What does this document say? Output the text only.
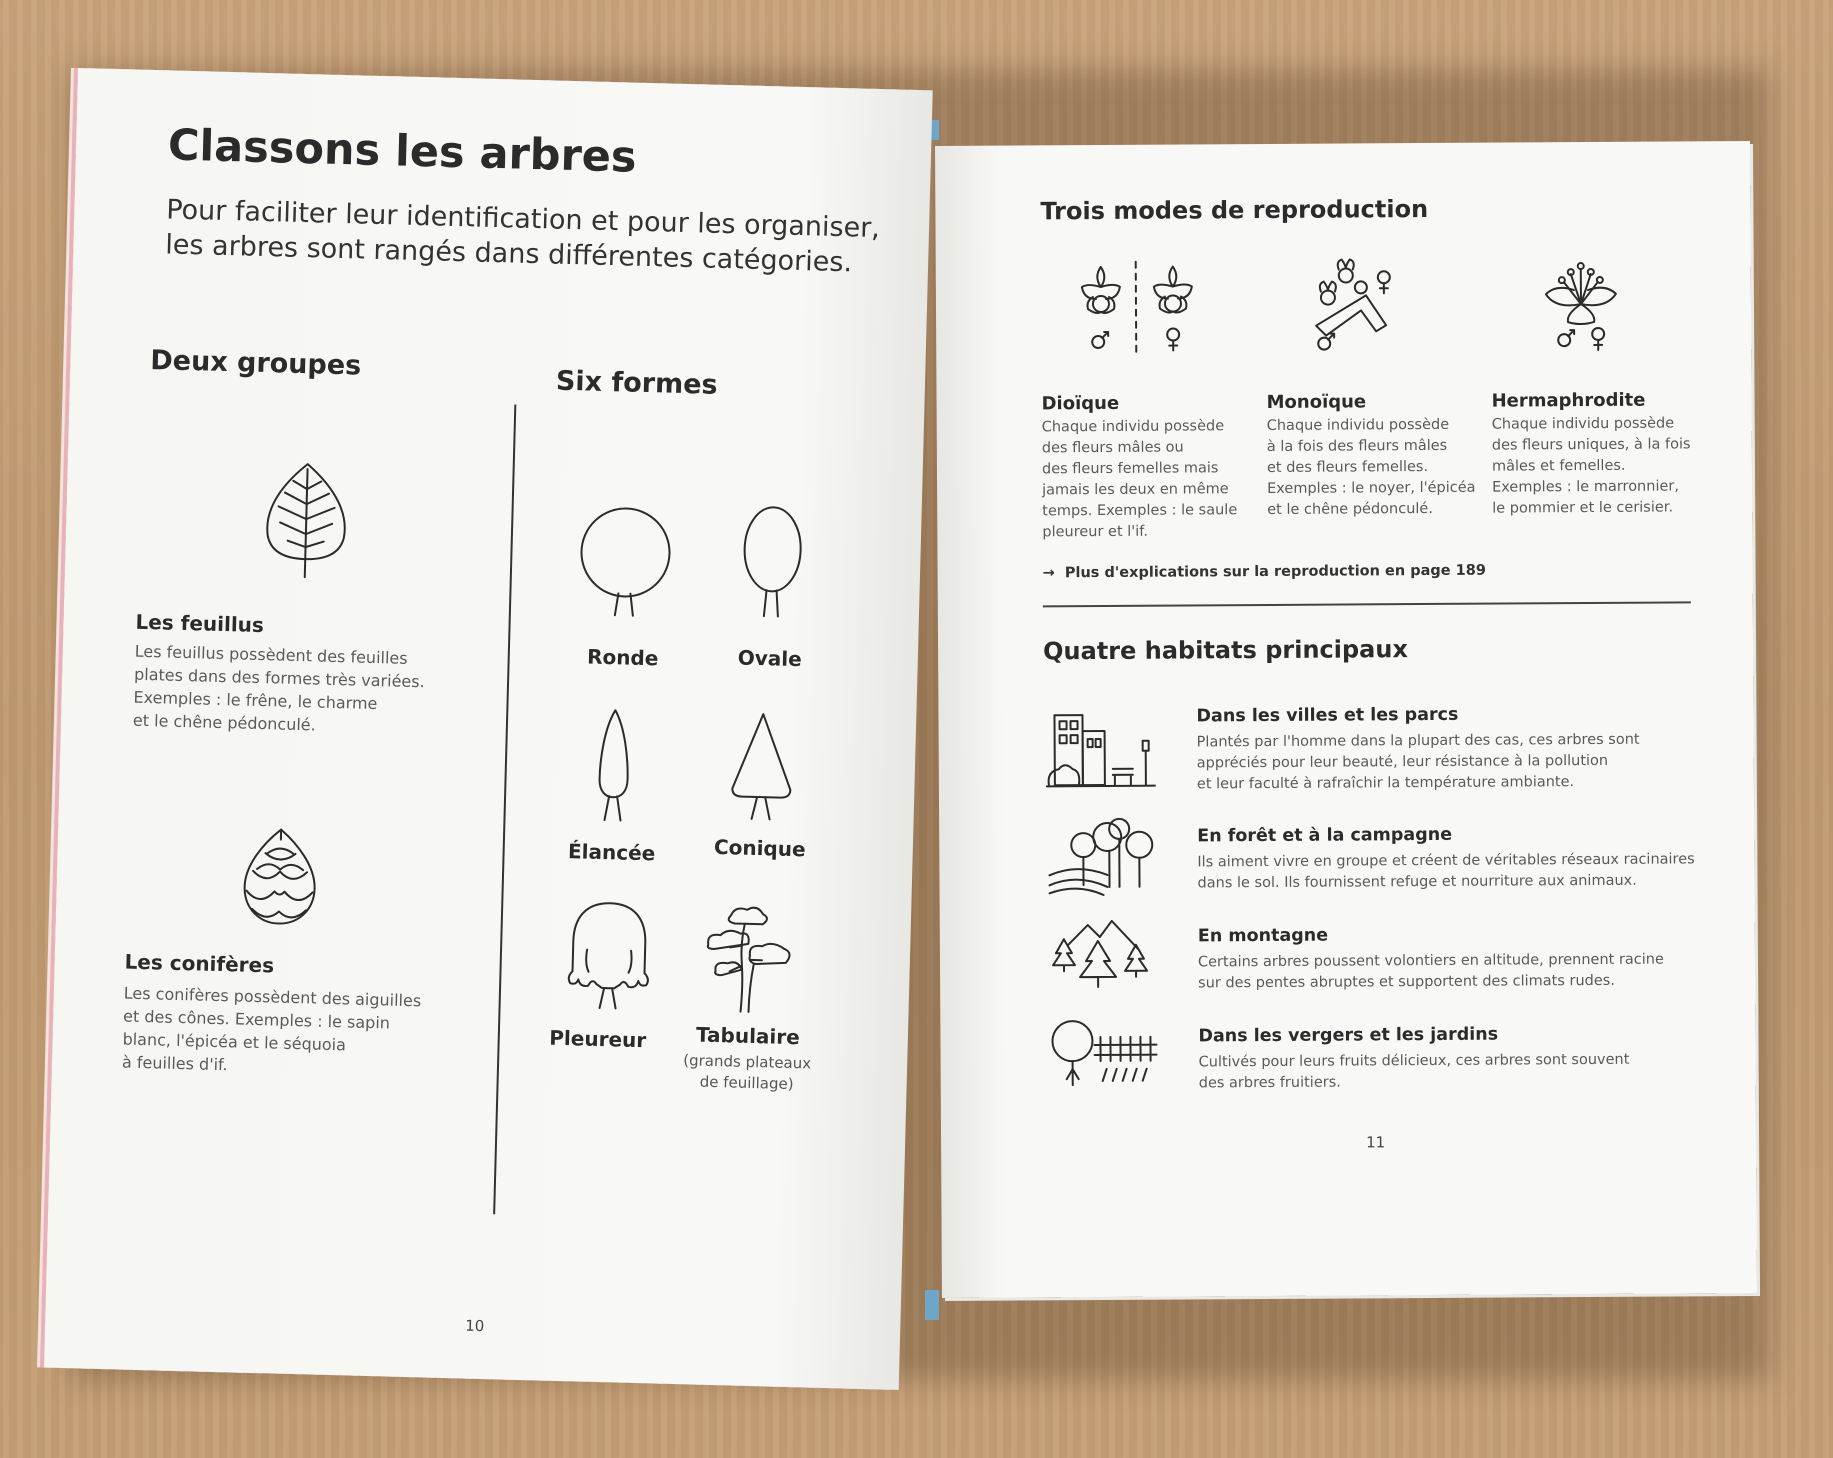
Classons les arbres
Pour faciliter leur identification et pour les organiser,
les arbres sont rangés dans différentes catégories.
Deux groupes
Les feuillus
Les feuillus possèdent des feuilles
plates dans des formes très variées.
Exemples : le frêne, le charme
et le chêne pédonculé.
Les conifères
Les conifères possèdent des aiguilles
et des cônes. Exemples : le sapin
blanc, l'épicéa et le séquoia
à feuilles d'if.
Six formes
Ronde	Ovale
Élancée	Conique
Pleureur	Tabulaire
(grands plateaux
de feuillage)
10
Trois modes de reproduction
Dioïque
Chaque individu possède
des fleurs mâles ou
des fleurs femelles mais
jamais les deux en même
temps. Exemples : le saule
pleureur et l'if.
Monoïque
Chaque individu possède
à la fois des fleurs mâles
et des fleurs femelles.
Exemples : le noyer, l'épicéa
et le chêne pédonculé.
Hermaphrodite
Chaque individu possède
des fleurs uniques, à la fois
mâles et femelles.
Exemples : le marronnier,
le pommier et le cerisier.
→  Plus d'explications sur la reproduction en page 189
Quatre habitats principaux
Dans les villes et les parcs
Plantés par l'homme dans la plupart des cas, ces arbres sont
appréciés pour leur beauté, leur résistance à la pollution
et leur faculté à rafraîchir la température ambiante.
En forêt et à la campagne
Ils aiment vivre en groupe et créent de véritables réseaux racinaires
dans le sol. Ils fournissent refuge et nourriture aux animaux.
En montagne
Certains arbres poussent volontiers en altitude, prennent racine
sur des pentes abruptes et supportent des climats rudes.
Dans les vergers et les jardins
Cultivés pour leurs fruits délicieux, ces arbres sont souvent
des arbres fruitiers.
11
